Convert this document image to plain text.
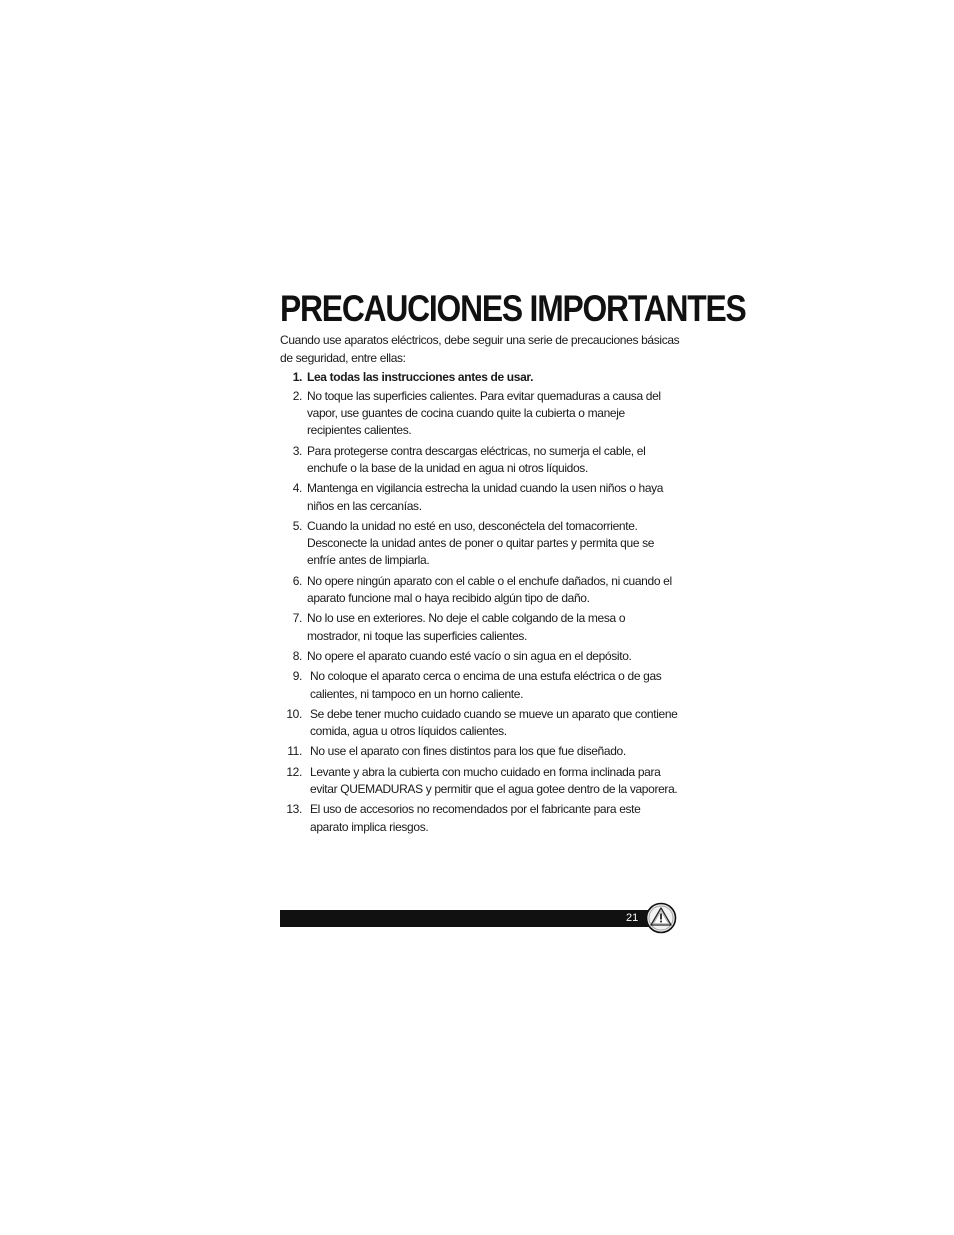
PRECAUCIONES IMPORTANTES

Cuando use aparatos eléctricos, debe seguir una serie de precauciones básicas de seguridad, entre ellas:

1. Lea todas las instrucciones antes de usar.
2. No toque las superficies calientes. Para evitar quemaduras a causa del vapor, use guantes de cocina cuando quite la cubierta o maneje recipientes calientes.
3. Para protegerse contra descargas eléctricas, no sumerja el cable, el enchufe o la base de la unidad en agua ni otros líquidos.
4. Mantenga en vigilancia estrecha la unidad cuando la usen niños o haya niños en las cercanías.
5. Cuando la unidad no esté en uso, desconéctela del tomacorriente. Desconecte la unidad antes de poner o quitar partes y permita que se enfríe antes de limpiarla.
6. No opere ningún aparato con el cable o el enchufe dañados, ni cuando el aparato funcione mal o haya recibido algún tipo de daño.
7. No lo use en exteriores. No deje el cable colgando de la mesa o mostrador, ni toque las superficies calientes.
8. No opere el aparato cuando esté vacío o sin agua en el depósito.
9. No coloque el aparato cerca o encima de una estufa eléctrica o de gas calientes, ni tampoco en un horno caliente.
10. Se debe tener mucho cuidado cuando se mueve un aparato que contiene comida, agua u otros líquidos calientes.
11. No use el aparato con fines distintos para los que fue diseñado.
12. Levante y abra la cubierta con mucho cuidado en forma inclinada para evitar QUEMADURAS y permitir que el agua gotee dentro de la vaporera.
13. El uso de accesorios no recomendados por el fabricante para este aparato implica riesgos.
21
